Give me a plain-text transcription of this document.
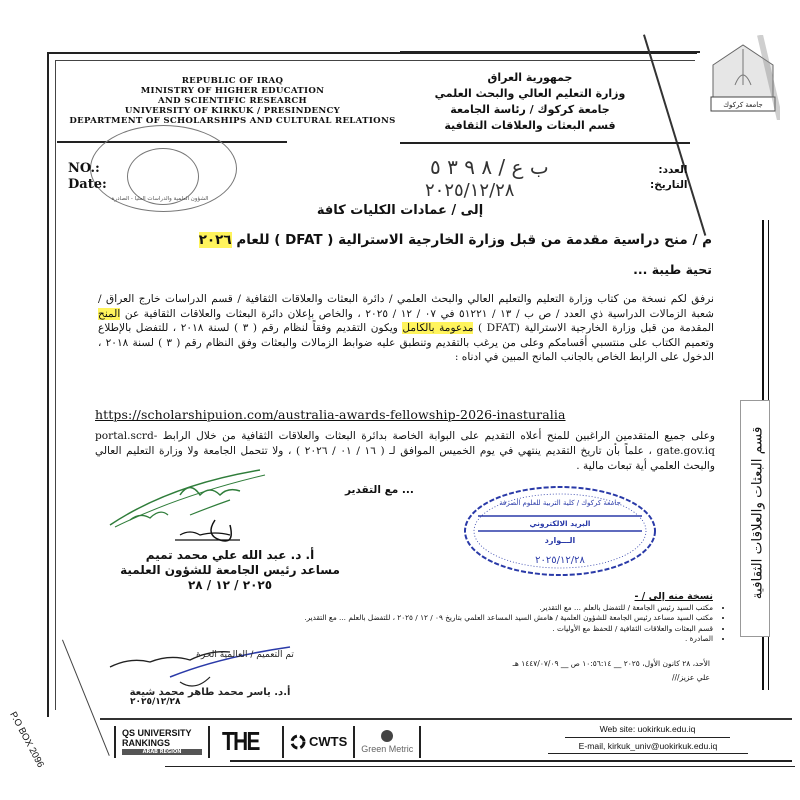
REPUBLIC OF IRAQ
MINISTRY OF HIGHER EDUCATION
AND SCIENTIFIC RESEARCH
UNIVERSITY OF KIRKUK / PRESINDENCY
DEPARTMENT OF SCHOLARSHIPS AND CULTURAL RELATIONS
جمهورية العراق
وزارة التعليم العالي والبحث العلمي
جامعة كركوك / رئاسة الجامعة
قسم البعثات والعلاقات الثقافية
جامعة كركوك
الشؤون العلمية والدراسات العليا - الصادرة
NO.:
Date:
العدد:
التاريخ:
ب ع / ٨ ٩ ٣ ٥
٢٠٢٥/١٢/٢٨
إلى / عمادات الكليات كافة
م / منح دراسية مقدمة من قبل وزارة الخارجية الاسترالية ( DFAT ) للعام ٢٠٢٦
تحية طيبة ...
نرفق لكم نسخة من كتاب وزارة التعليم والتعليم العالي والبحث العلمي / دائرة البعثات والعلاقات الثقافية / قسم الدراسات خارج العراق / شعبة الزمالات الدراسية ذي العدد / ص ب / ١٣ / ٥١٢٢١ في ٠٧ / ١٢ / ٢٠٢٥ ، والخاص بإعلان دائرة البعثات والعلاقات الثقافية عن المنح المقدمة من قبل وزارة الخارجية الاسترالية (DFAT ) مدعومة بالكامل ويكون التقديم وفقاً لنظام رقم ( ٣ ) لسنة ٢٠١٨ ، للتفضل بالإطلاع وتعميم الكتاب على منتسبي أقسامكم وعلى من يرغب بالتقديم وتنطبق عليه ضوابط الزمالات والبعثات وفق النظام رقم ( ٣ ) لسنة ٢٠١٨ ، الدخول على الرابط الخاص بالجانب المانح المبين في ادناه :
https://scholarshipuion.com/australia-awards-fellowship-2026-inasturalia
وعلى جميع المتقدمين الراغبين للمنح أعلاه التقديم على البوابة الخاصة بدائرة البعثات والعلاقات الثقافية من خلال الرابط portal.scrd-gate.gov.iq ، علماً بأن تاريخ التقديم ينتهي في يوم الخميس الموافق لـ ( ١٦ / ٠١ / ٢٠٢٦ ) ، ولا تتحمل الجامعة ولا وزارة التعليم العالي والبحث العلمي أية تبعات مالية .
... مع التقدير
أ. د. عبد الله علي محمد تميم
مساعد رئيس الجامعة للشؤون العلمية
٢٠٢٥ / ١٢ / ٢٨
جامعة كركوك / كلية التربية للعلوم الصرفة
البريد الالكتروني
الـــوارد
٢٠٢٥/١٢/٢٨	قسم البعثات والعلاقات الثقافية
نسخة منه إلى / -
• مكتب السيد رئيس الجامعة / للتفضل بالعلم ... مع التقدير.
• مكتب السيد مساعد رئيس الجامعة للشؤون العلمية / هامش السيد المساعد العلمي بتاريخ ٠٩ / ١٢ / ٢٠٢٥ ، للتفضل بالعلم ... مع التقدير.
• قسم البعثات والعلاقات الثقافية / للحفظ مع الأوليات .
• الصادرة .
تم التعميم / العالمية الحرة
أ.د. ياسر محمد طاهر محمد شيعة
٢٠٢٥/١٢/٢٨
الأحد، ٢٨ كانون الأول، ٢٠٢٥ __ ١٠:٥٦:١٤ ص __ ١٤٤٧/٠٧/٠٩ هـ
علي عزيز///
QS UNIVERSITY RANKINGS
ARAB REGION	THE	CWTS Green Metric
Web site: uokirkuk.edu.iq
E-mail, kirkuk_univ@uokirkuk.edu.iq
P.O BOX 2096
